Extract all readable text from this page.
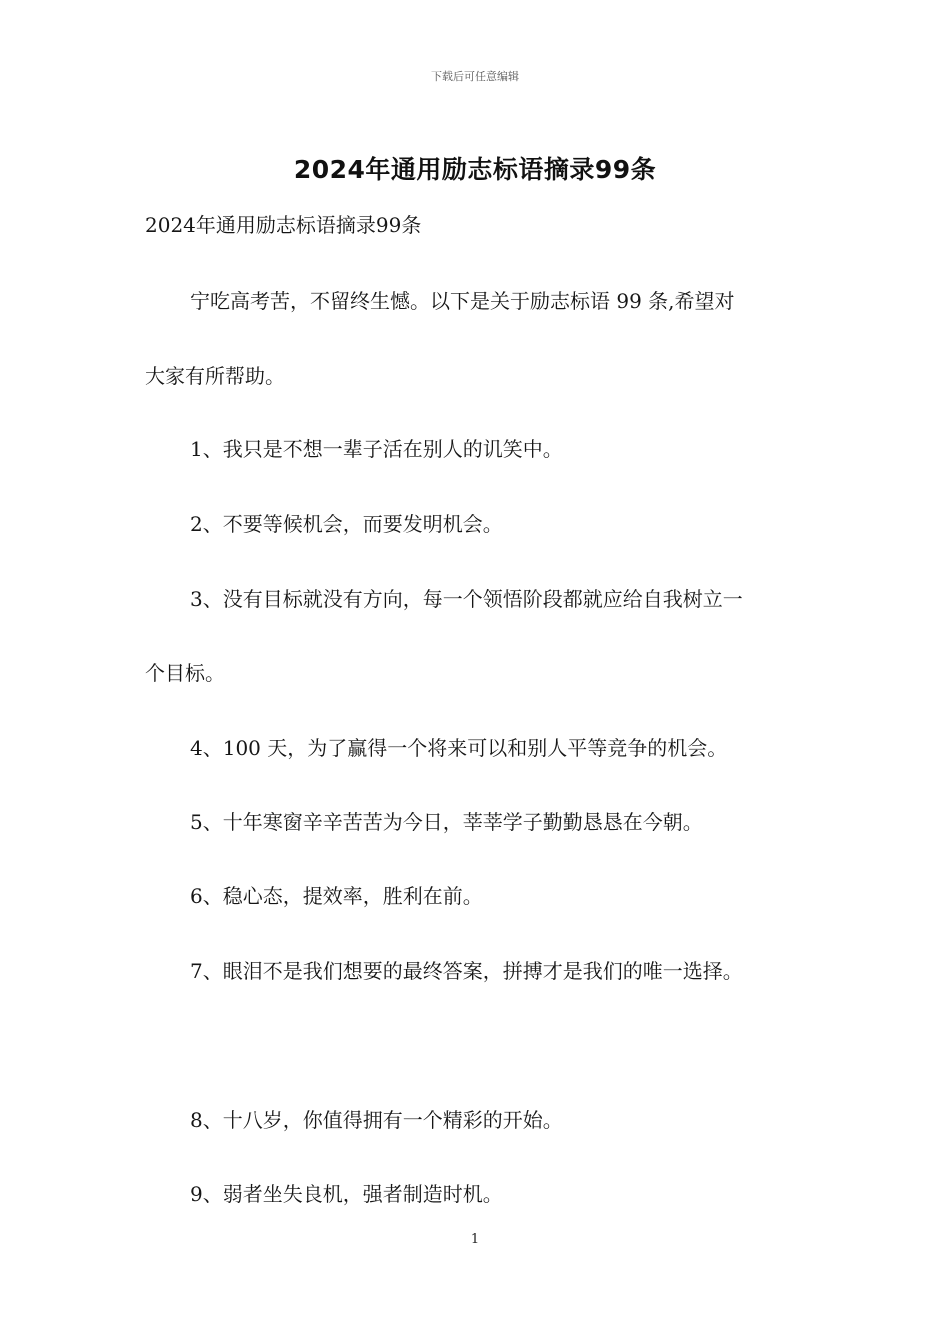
下载后可任意编辑
2024年通用励志标语摘录99条
2024年通用励志标语摘录99条
宁吃高考苦，不留终生憾。以下是关于励志标语 99 条,希望对
大家有所帮助。
1、我只是不想一辈子活在别人的讥笑中。
2、不要等候机会，而要发明机会。
3、没有目标就没有方向，每一个领悟阶段都就应给自我树立一
个目标。
4、100 天，为了赢得一个将来可以和别人平等竞争的机会。
5、十年寒窗辛辛苦苦为今日，莘莘学子勤勤恳恳在今朝。
6、稳心态，提效率，胜利在前。
7、眼泪不是我们想要的最终答案，拼搏才是我们的唯一选择。
8、十八岁，你值得拥有一个精彩的开始。
9、弱者坐失良机，强者制造时机。
1
